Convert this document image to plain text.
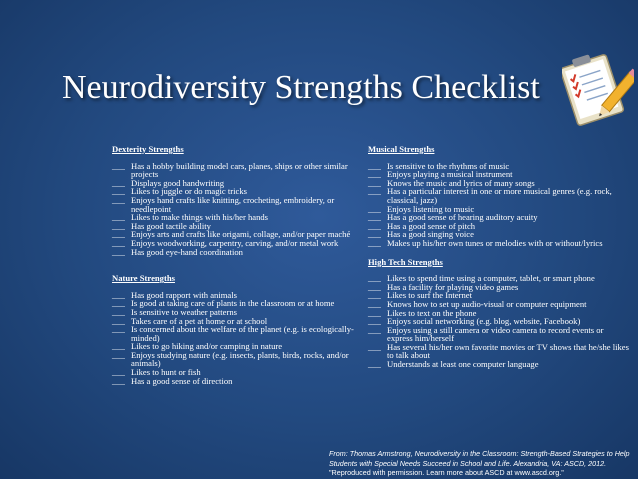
Neurodiversity Strengths Checklist
Dexterity Strengths
___ Has a hobby building model cars, planes, ships or other similar projects
___ Displays good handwriting
___ Likes to juggle or do magic tricks
___ Enjoys hand crafts like knitting, crocheting, embroidery, or needlepoint
___ Likes to make things with his/her hands
___ Has good tactile ability
___ Enjoys arts and crafts like origami, collage, and/or paper maché
___ Enjoys woodworking, carpentry, carving, and/or metal work
___ Has good eye-hand coordination
Nature Strengths
___ Has good rapport with animals
___ Is good at taking care of plants in the classroom or at home
___ Is sensitive to weather patterns
___ Takes care of a pet at home or at school
___ Is concerned about the welfare of the planet (e.g. is ecologically-minded)
___ Likes to go hiking and/or camping in nature
___ Enjoys studying nature (e.g. insects, plants, birds, rocks, and/or animals)
___ Likes to hunt or fish
___ Has a good sense of direction
Musical Strengths
___ Is sensitive to the rhythms of music
___ Enjoys playing a musical instrument
___ Knows the music and lyrics of many songs
___ Has a particular interest in one or more musical genres (e.g. rock, classical, jazz)
___ Enjoys listening to music
___ Has a good sense of hearing auditory acuity
___ Has a good sense of pitch
___ Has a good singing voice
___ Makes up his/her own tunes or melodies with or without/lyrics
High Tech Strengths
___ Likes to spend time using a computer, tablet, or smart phone
___ Has a facility for playing video games
___ Likes to surf the Internet
___ Knows how to set up audio-visual or computer equipment
___ Likes to text on the phone
___ Enjoys social networking (e.g. blog, website, Facebook)
___ Enjoys using a still camera or video camera to record events or express him/herself
___ Has several his/her own favorite movies or TV shows that he/she likes to talk about
___ Understands at least one computer language
From: Thomas Armstrong, Neurodiversity in the Classroom: Strength-Based Strategies to Help Students with Special Needs Succeed in School and Life. Alexandria, VA: ASCD, 2012.
"Reproduced with permission. Learn more about ASCD at www.ascd.org."
